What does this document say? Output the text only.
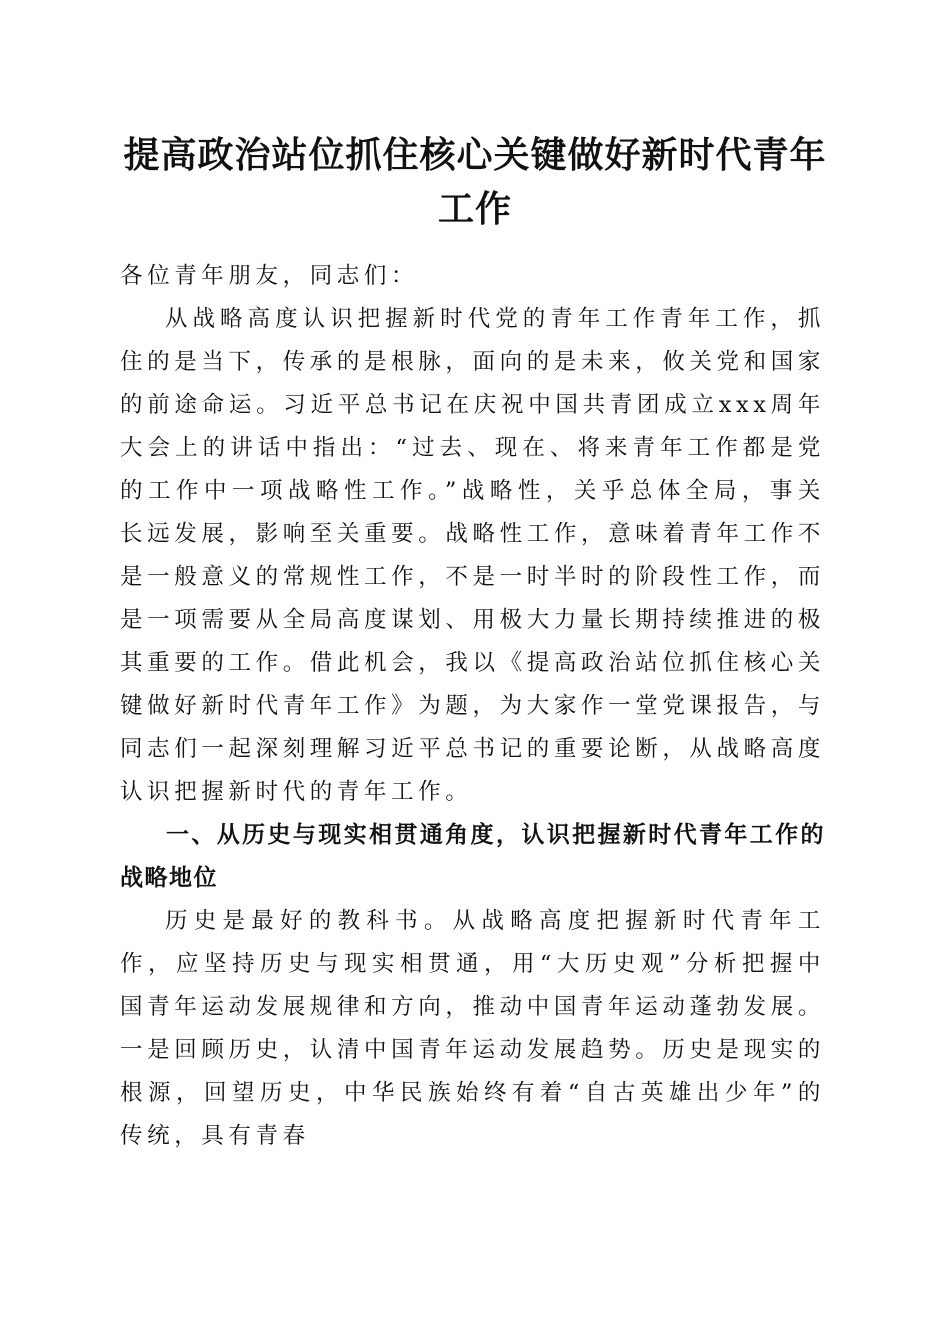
提高政治站位抓住核心关键做好新时代青年工作

各位青年朋友，同志们：

从战略高度认识把握新时代党的青年工作青年工作，抓住的是当下，传承的是根脉，面向的是未来，攸关党和国家的前途命运。习近平总书记在庆祝中国共青团成立xxx周年大会上的讲话中指出：“过去、现在、将来青年工作都是党的工作中一项战略性工作。”战略性，关乎总体全局，事关长远发展，影响至关重要。战略性工作，意味着青年工作不是一般意义的常规性工作，不是一时半时的阶段性工作，而是一项需要从全局高度谋划、用极大力量长期持续推进的极其重要的工作。借此机会，我以《提高政治站位抓住核心关键做好新时代青年工作》为题，为大家作一堂党课报告，与同志们一起深刻理解习近平总书记的重要论断，从战略高度认识把握新时代的青年工作。

一、从历史与现实相贯通角度，认识把握新时代青年工作的战略地位

历史是最好的教科书。从战略高度把握新时代青年工作，应坚持历史与现实相贯通，用“大历史观”分析把握中国青年运动发展规律和方向，推动中国青年运动蓬勃发展。一是回顾历史，认清中国青年运动发展趋势。历史是现实的根源，回望历史，中华民族始终有着“自古英雄出少年”的传统，具有青春
